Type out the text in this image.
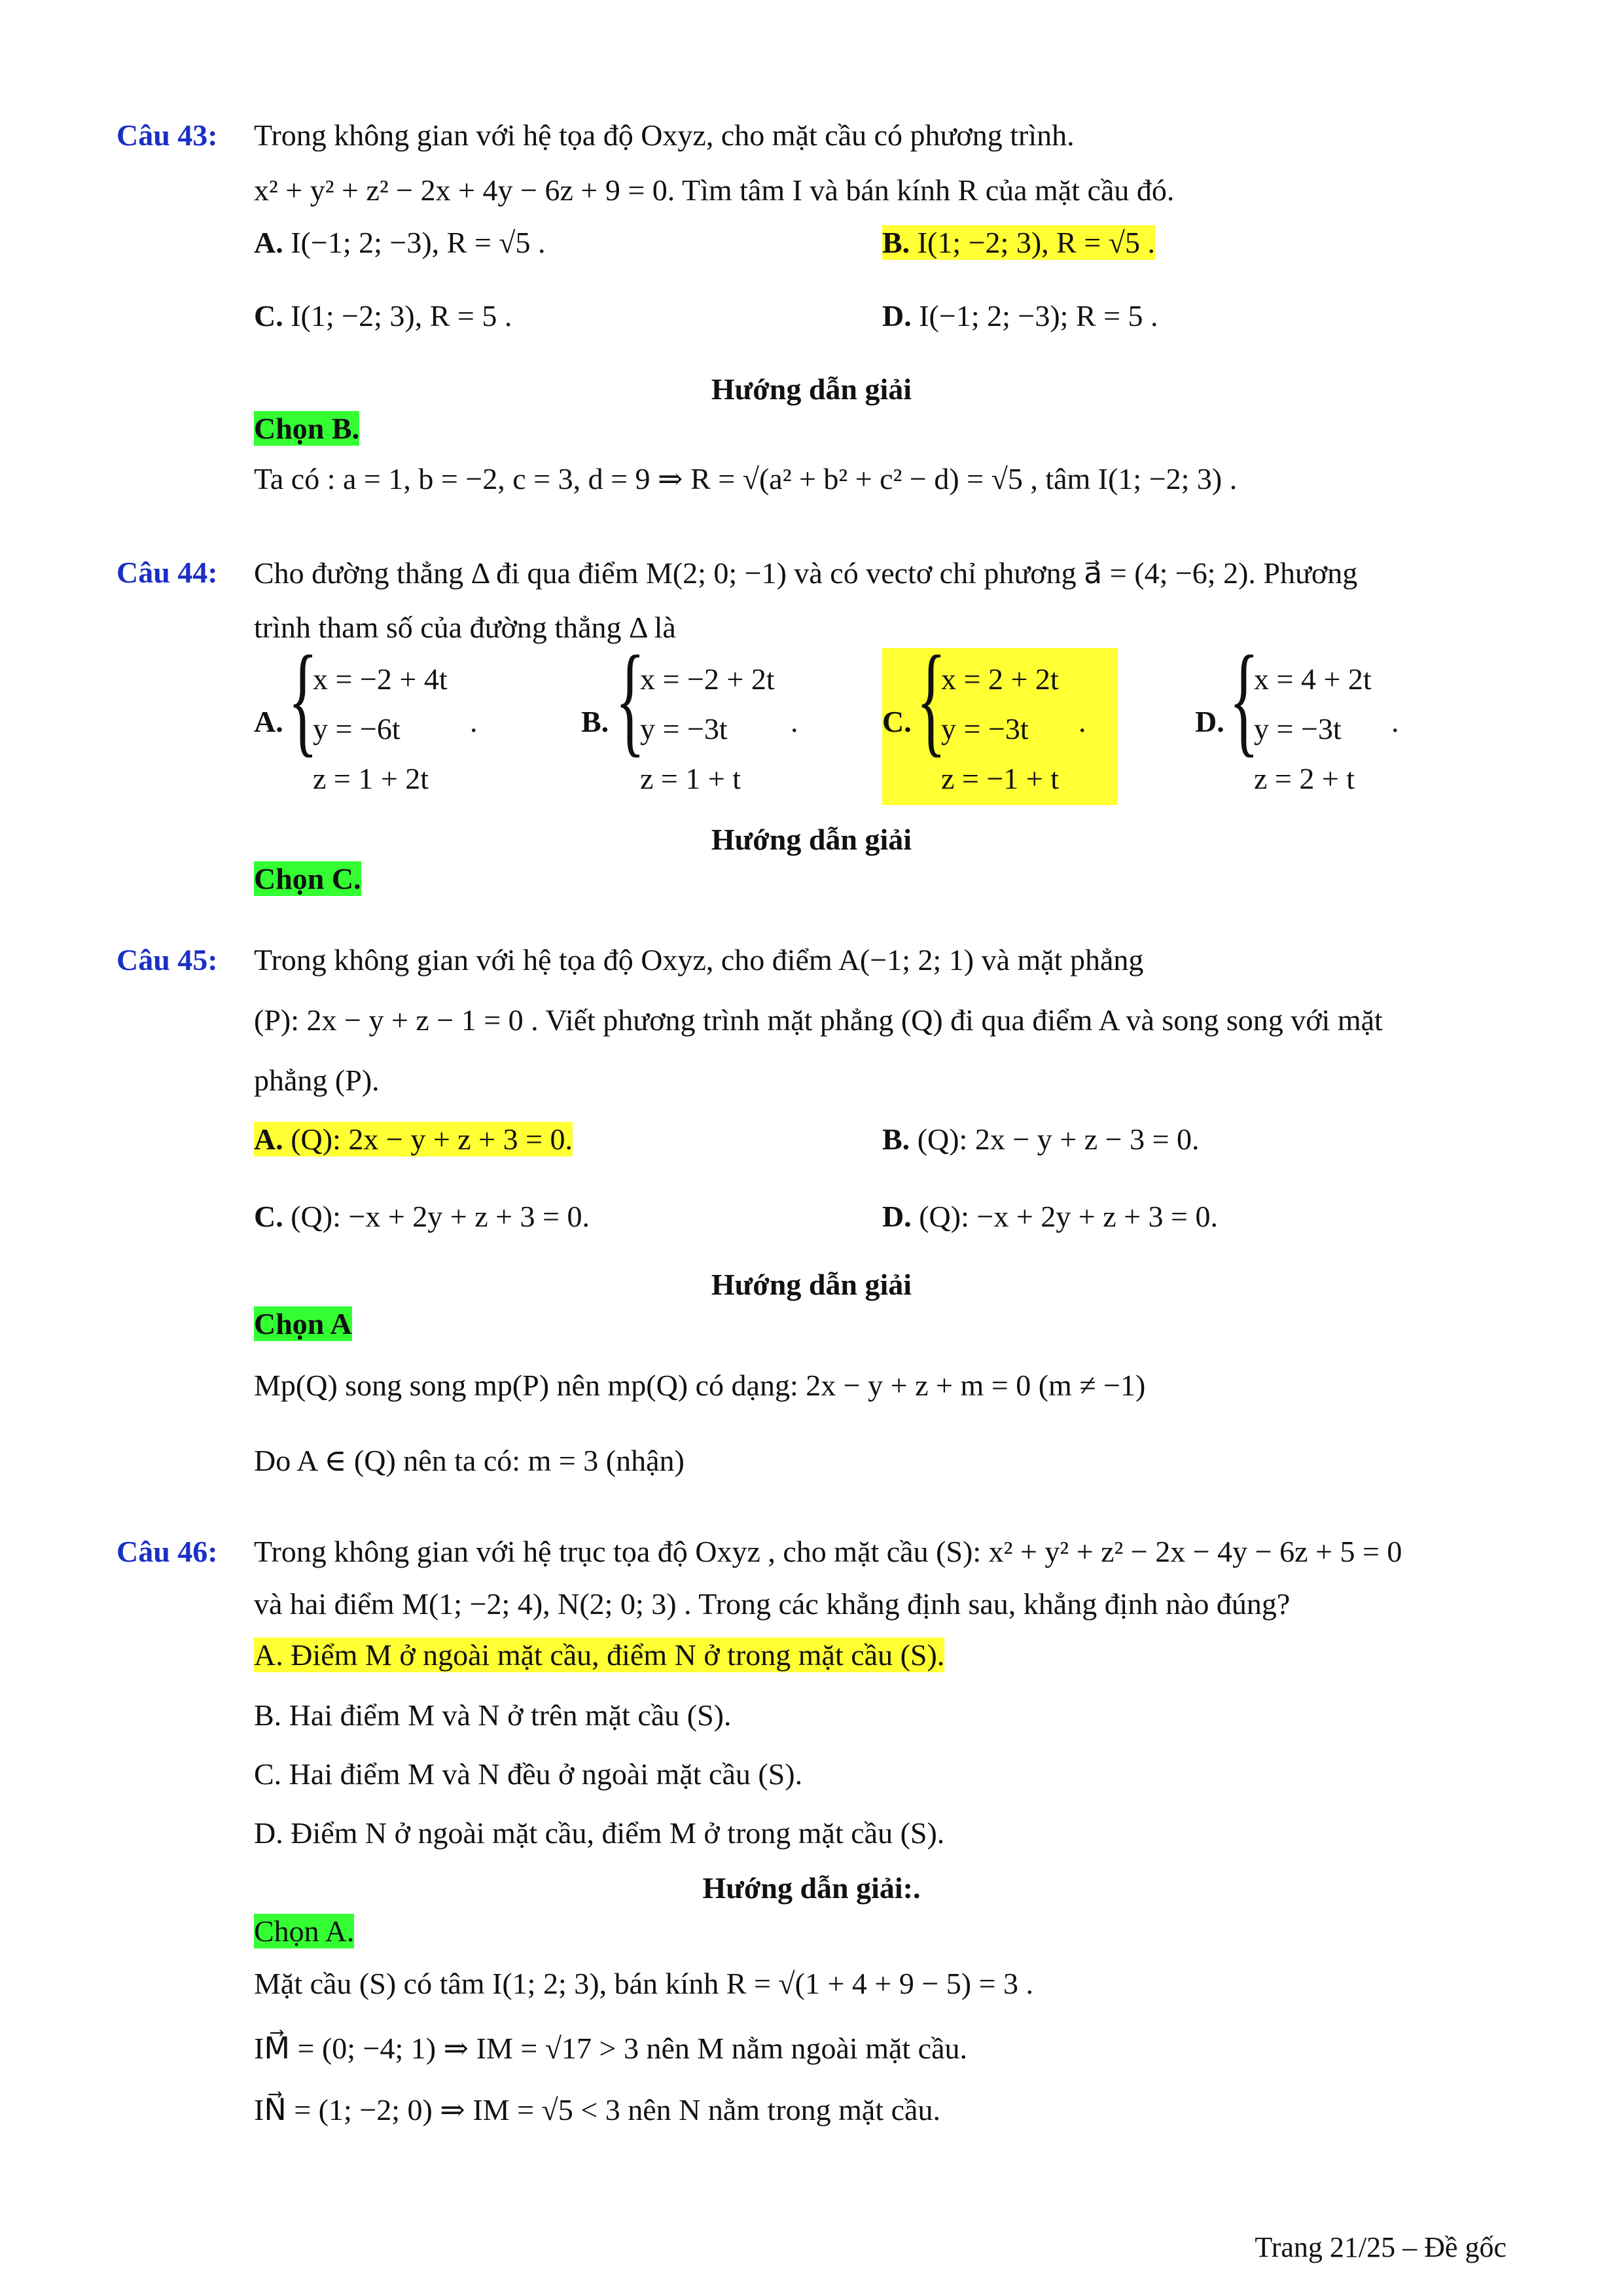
Câu 43: Trong không gian với hệ tọa độ Oxyz, cho mặt cầu có phương trình.
x² + y² + z² − 2x + 4y − 6z + 9 = 0. Tìm tâm I và bán kính R của mặt cầu đó.
A. I(−1; 2; −3), R = √5 .	B. I(1; −2; 3), R = √5 .
C. I(1; −2; 3), R = 5 .	D. I(−1; 2; −3); R = 5 .
Hướng dẫn giải
Chọn B.
Ta có : a = 1, b = −2, c = 3, d = 9 ⇒ R = √(a² + b² + c² − d) = √5 , tâm I(1; −2; 3) .
Câu 44: Cho đường thẳng Δ đi qua điểm M(2; 0; −1) và có vectơ chỉ phương a⃗ = (4; −6; 2). Phương
trình tham số của đường thẳng Δ là
A. {
x = −2 + 4t
y = −6t
z = 1 + 2t
.	B. {
x = −2 + 2t
y = −3t
z = 1 + t
.	C. {
x = 2 + 2t
y = −3t
z = −1 + t
.	D. {
x = 4 + 2t
y = −3t
z = 2 + t
.
Hướng dẫn giải
Chọn C.
Câu 45: Trong không gian với hệ tọa độ Oxyz, cho điểm A(−1; 2; 1) và mặt phẳng
(P): 2x − y + z − 1 = 0 . Viết phương trình mặt phẳng (Q) đi qua điểm A và song song với mặt
phẳng (P).
A. (Q): 2x − y + z + 3 = 0.	B. (Q): 2x − y + z − 3 = 0.
C. (Q): −x + 2y + z + 3 = 0.	D. (Q): −x + 2y + z + 3 = 0.
Hướng dẫn giải
Chọn A
Mp(Q) song song mp(P) nên mp(Q) có dạng: 2x − y + z + m = 0 (m ≠ −1)
Do A ∈ (Q) nên ta có: m = 3 (nhận)
Câu 46: Trong không gian với hệ trục tọa độ Oxyz , cho mặt cầu (S): x² + y² + z² − 2x − 4y − 6z + 5 = 0
và hai điểm M(1; −2; 4), N(2; 0; 3) . Trong các khẳng định sau, khẳng định nào đúng?
A. Điểm M ở ngoài mặt cầu, điểm N ở trong mặt cầu (S).
B. Hai điểm M và N ở trên mặt cầu (S).
C. Hai điểm M và N đều ở ngoài mặt cầu (S).
D. Điểm N ở ngoài mặt cầu, điểm M ở trong mặt cầu (S).
Hướng dẫn giải:.
Chọn A.
Mặt cầu (S) có tâm I(1; 2; 3), bán kính R = √(1 + 4 + 9 − 5) = 3 .
IM⃗ = (0; −4; 1) ⇒ IM = √17 > 3 nên M nằm ngoài mặt cầu.
IN⃗ = (1; −2; 0) ⇒ IM = √5 < 3 nên N nằm trong mặt cầu.
Trang 21/25 – Đề gốc
